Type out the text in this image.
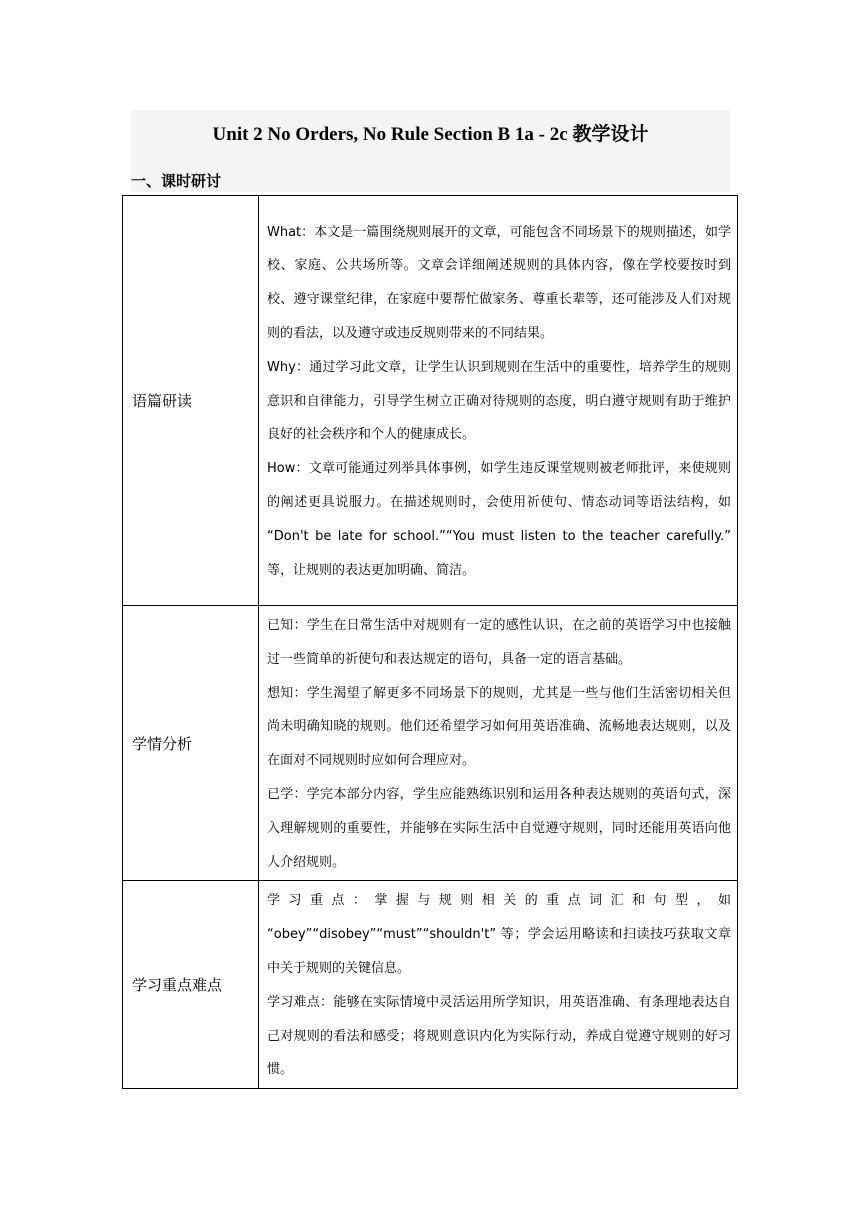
Unit 2 No Orders, No Rule Section B 1a - 2c 教学设计
一、课时研讨
语篇研读	What：本文是一篇围绕规则展开的文章，可能包含不同场景下的规则描述，如学校、家庭、公共场所等。文章会详细阐述规则的具体内容，像在学校要按时到校、遵守课堂纪律，在家庭中要帮忙做家务、尊重长辈等，还可能涉及人们对规则的看法，以及遵守或违反规则带来的不同结果。

Why：通过学习此文章，让学生认识到规则在生活中的重要性，培养学生的规则意识和自律能力，引导学生树立正确对待规则的态度，明白遵守规则有助于维护良好的社会秩序和个人的健康成长。

How：文章可能通过列举具体事例，如学生违反课堂规则被老师批评，来使规则的阐述更具说服力。在描述规则时，会使用祈使句、情态动词等语法结构，如 “Don't be late for school.”“You must listen to the teacher carefully.” 等，让规则的表达更加明确、简洁。

学情分析	已知：学生在日常生活中对规则有一定的感性认识，在之前的英语学习中也接触过一些简单的祈使句和表达规定的语句，具备一定的语言基础。

想知：学生渴望了解更多不同场景下的规则，尤其是一些与他们生活密切相关但尚未明确知晓的规则。他们还希望学习如何用英语准确、流畅地表达规则，以及在面对不同规则时应如何合理应对。

已学：学完本部分内容，学生应能熟练识别和运用各种表达规则的英语句式，深入理解规则的重要性，并能够在实际生活中自觉遵守规则，同时还能用英语向他人介绍规则。

学习重点难点	学习重点：掌握与规则相关的重点词汇和句型，如 “obey”“disobey”“must”“shouldn't” 等；学会运用略读和扫读技巧获取文章中关于规则的关键信息。

学习难点：能够在实际情境中灵活运用所学知识，用英语准确、有条理地表达自己对规则的看法和感受；将规则意识内化为实际行动，养成自觉遵守规则的好习惯。
